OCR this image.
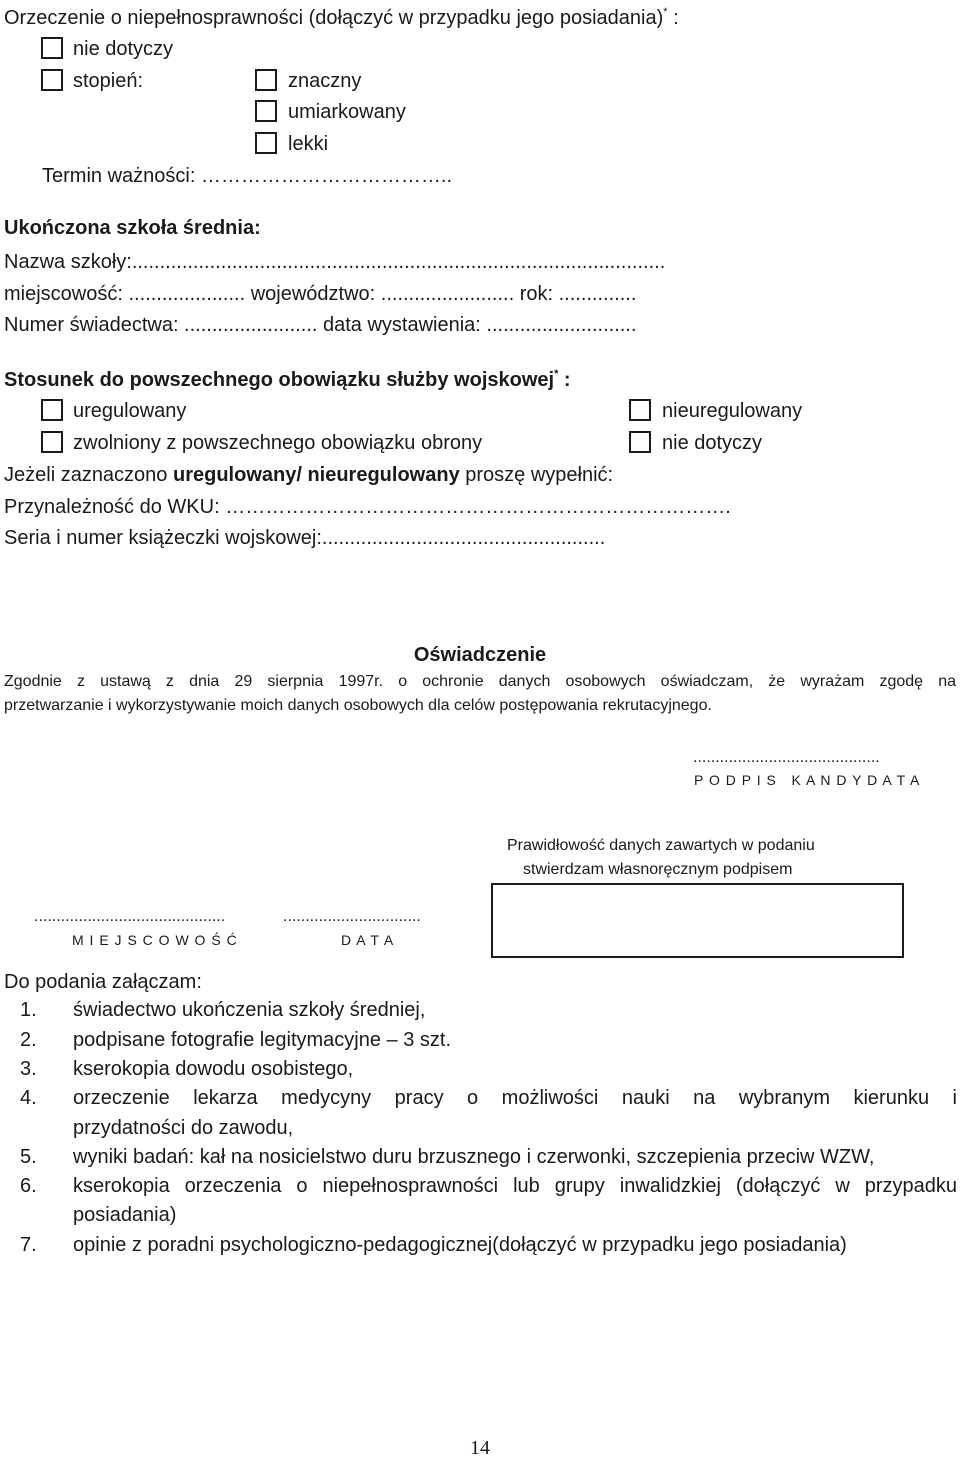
Orzeczenie o niepełnosprawności (dołączyć w przypadku jego posiadania)* :
nie dotyczy
stopień:	znaczny
umiarkowany
lekki
Termin ważności: ………………………………..
Ukończona szkoła średnia:
Nazwa szkoły:................................................................................................
miejscowość: ..................... województwo: ........................ rok: ..............
Numer świadectwa: ........................ data wystawienia: ...........................
Stosunek do powszechnego obowiązku służby wojskowej* :
uregulowany	nieuregulowany
zwolniony z powszechnego obowiązku obrony	nie dotyczy
Jeżeli zaznaczono uregulowany/ nieuregulowany proszę wypełnić:
Przynależność do WKU: ………………………………………………………………….
Seria i numer książeczki wojskowej:...................................................
Oświadczenie
Zgodnie z ustawą z dnia 29 sierpnia 1997r. o ochronie danych osobowych oświadczam, że wyrażam zgodę na
przetwarzanie i wykorzystywanie moich danych osobowych dla celów postępowania rekrutacyjnego.
..........................................
P O D P I S   K A N D Y D A T A
Prawidłowość danych zawartych w podaniu
stwierdzam własnoręcznym podpisem
...........................................
M I E J S C O W O Ś Ć
...............................
D A T A
Do podania załączam:
1.	świadectwo ukończenia szkoły średniej,
2.	podpisane fotografie legitymacyjne – 3 szt.
3.	kserokopia dowodu osobistego,
4.	orzeczenie lekarza medycyny pracy o możliwości nauki na wybranym kierunku i
przydatności do zawodu,
5.	wyniki badań: kał na nosicielstwo duru brzusznego i czerwonki, szczepienia przeciw WZW,
6.	kserokopia orzeczenia o niepełnosprawności lub grupy inwalidzkiej (dołączyć w przypadku
posiadania)
7.	opinie z poradni psychologiczno-pedagogicznej(dołączyć w przypadku jego posiadania)
14
